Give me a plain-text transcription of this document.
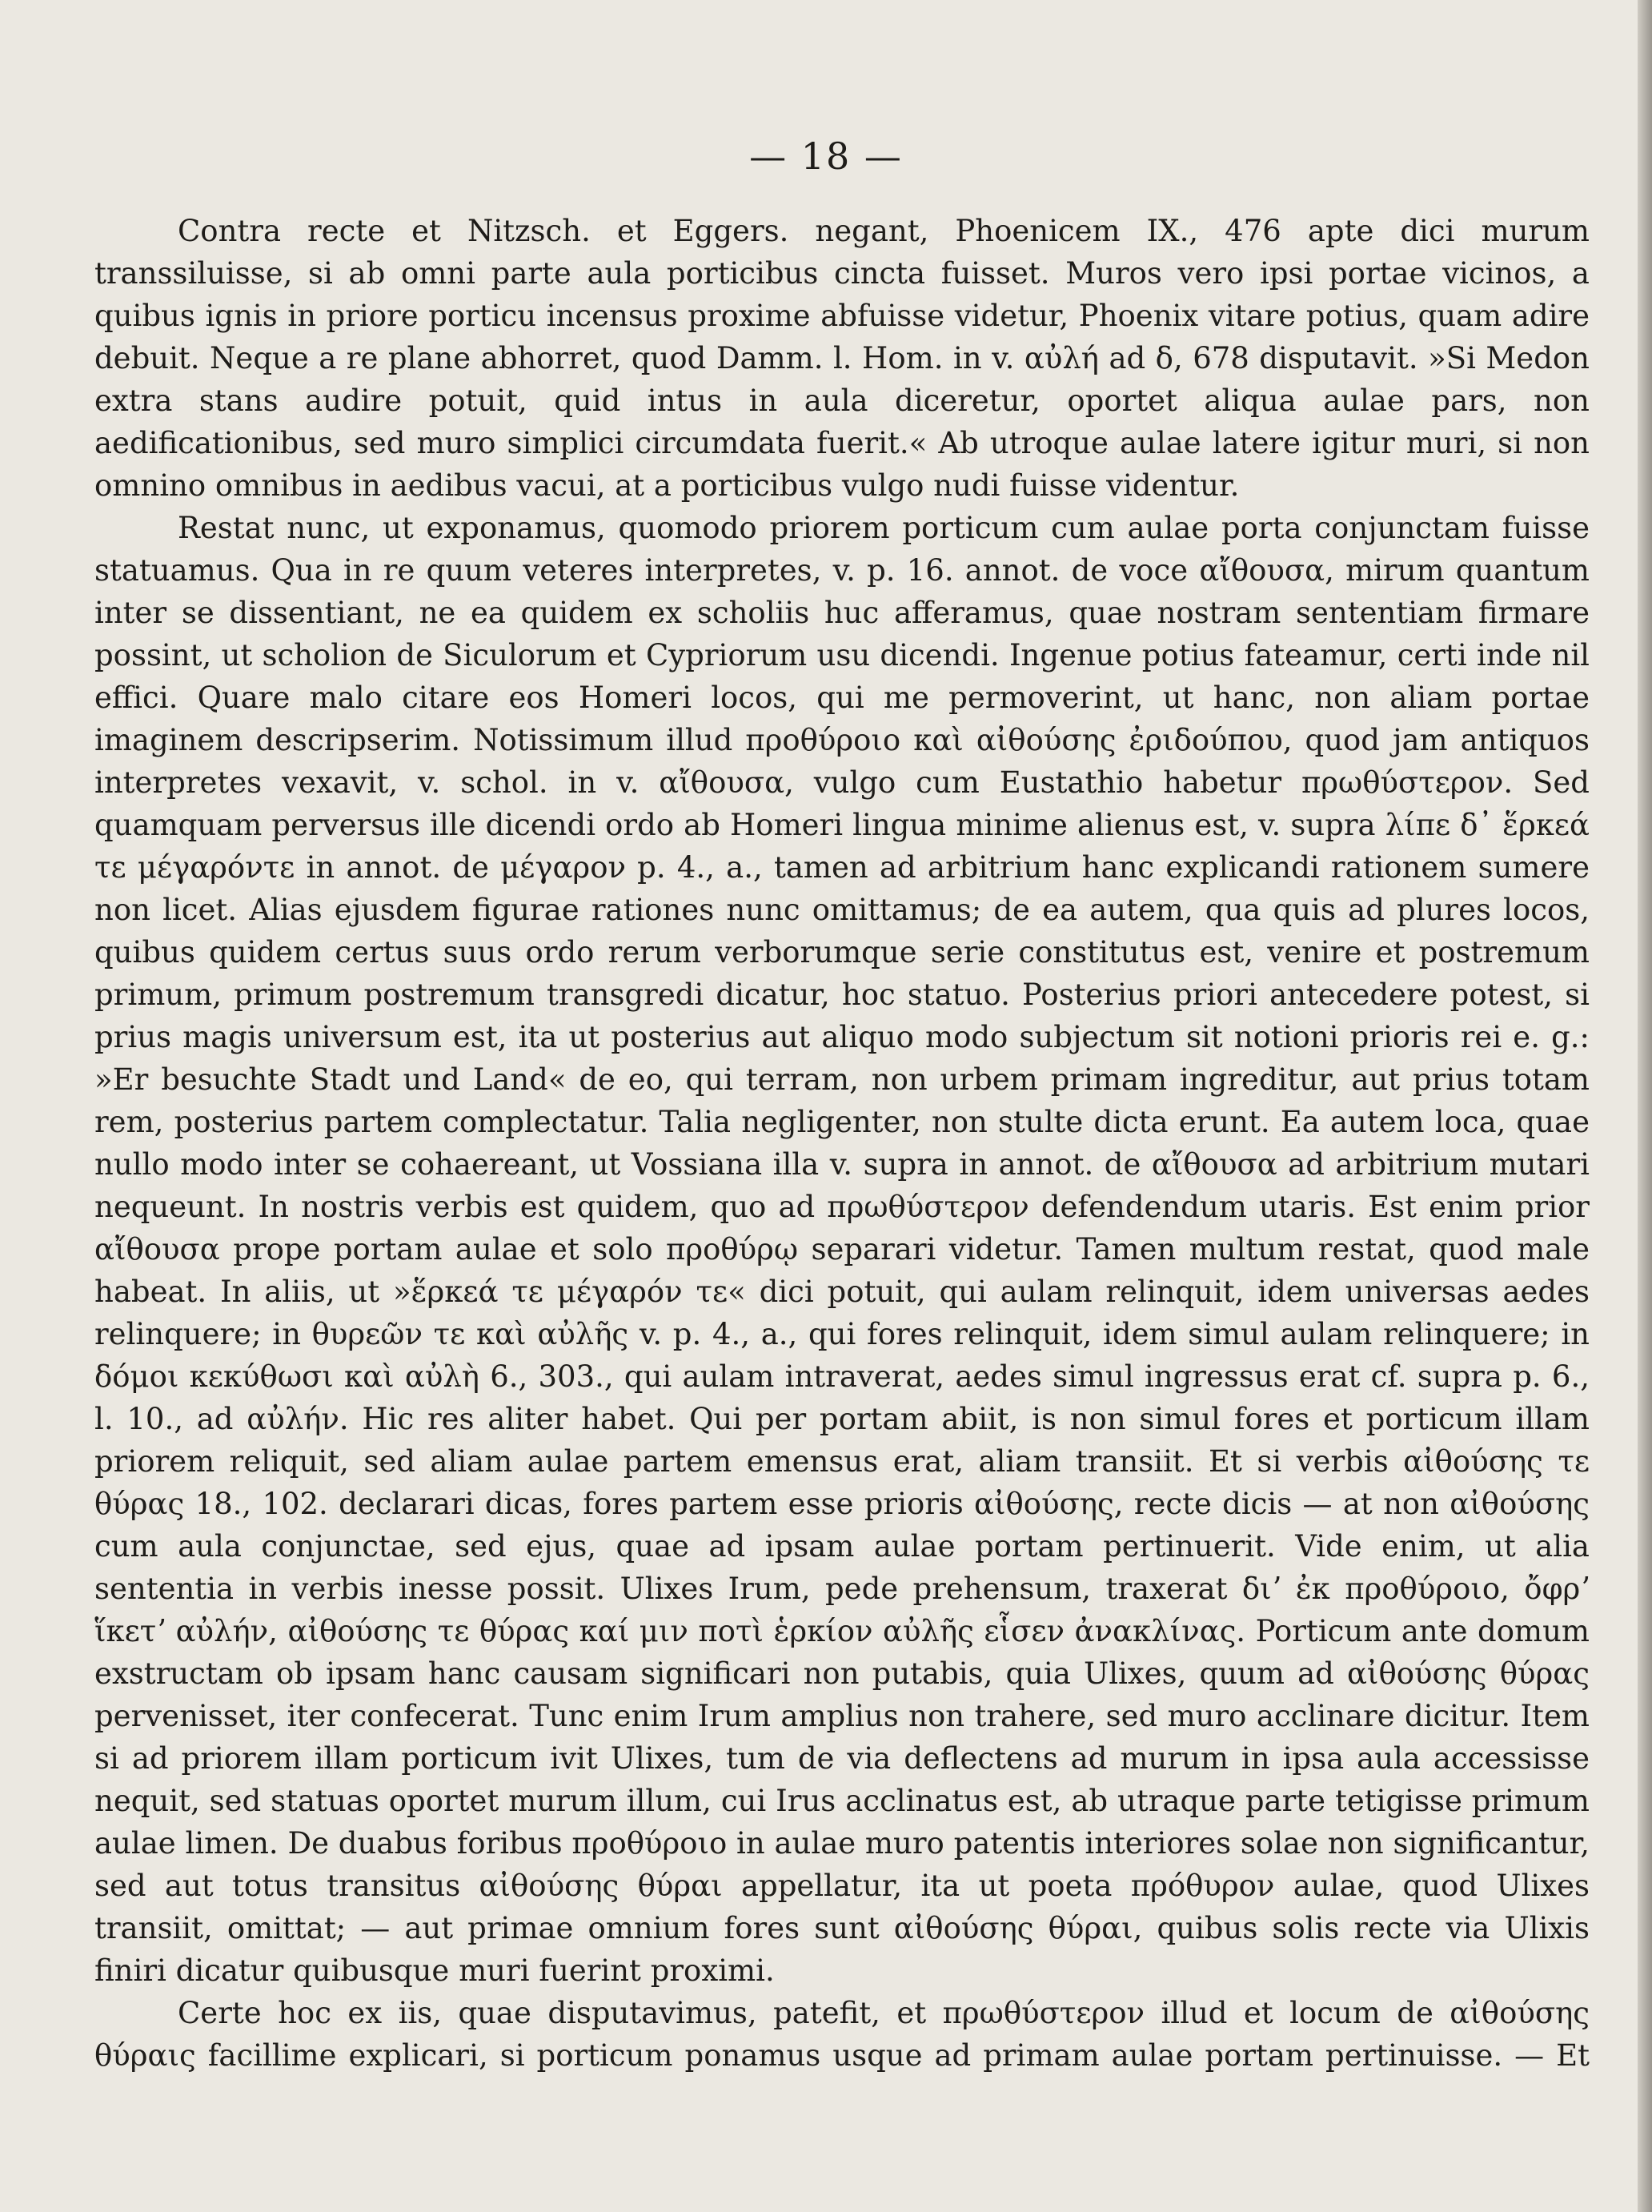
— 18 —

Contra recte et Nitzsch. et Eggers. negant, Phoenicem IX., 476 apte dici murum transsiluisse, si ab omni parte aula porticibus cincta fuisset. Muros vero ipsi portae vicinos, a quibus ignis in priore porticu incensus proxime abfuisse videtur, Phoenix vitare potius, quam adire debuit. Neque a re plane abhorret, quod Damm. l. Hom. in v. αὐλή ad δ, 678 disputavit. »Si Medon extra stans audire potuit, quid intus in aula diceretur, oportet aliqua aulae pars, non aedificationibus, sed muro simplici circumdata fuerit.« Ab utroque aulae latere igitur muri, si non omnino omnibus in aedibus vacui, at a porticibus vulgo nudi fuisse videntur.

Restat nunc, ut exponamus, quomodo priorem porticum cum aulae porta conjunctam fuisse statuamus. Qua in re quum veteres interpretes, v. p. 16. annot. de voce αἴθουσα, mirum quantum inter se dissentiant, ne ea quidem ex scholiis huc afferamus, quae nostram sententiam firmare possint, ut scholion de Siculorum et Cypriorum usu dicendi. Ingenue potius fateamur, certi inde nil effici. Quare malo citare eos Homeri locos, qui me permoverint, ut hanc, non aliam portae imaginem descripserim. Notissimum illud προθύροιο καὶ αἰθούσης ἐριδούπου, quod jam antiquos interpretes vexavit, v. schol. in v. αἴθουσα, vulgo cum Eustathio habetur πρωθύστερον. Sed quamquam perversus ille dicendi ordo ab Homeri lingua minime alienus est, v. supra λίπε δ᾽ ἕρκεά τε μέγαρόντε in annot. de μέγαρον p. 4., a., tamen ad arbitrium hanc explicandi rationem sumere non licet. Alias ejusdem figurae rationes nunc omittamus; de ea autem, qua quis ad plures locos, quibus quidem certus suus ordo rerum verborumque serie constitutus est, venire et postremum primum, primum postremum transgredi dicatur, hoc statuo. Posterius priori antecedere potest, si prius magis universum est, ita ut posterius aut aliquo modo subjectum sit notioni prioris rei e. g.: »Er besuchte Stadt und Land« de eo, qui terram, non urbem primam ingreditur, aut prius totam rem, posterius partem complectatur. Talia negligenter, non stulte dicta erunt. Ea autem loca, quae nullo modo inter se cohaereant, ut Vossiana illa v. supra in annot. de αἴθουσα ad arbitrium mutari nequeunt. In nostris verbis est quidem, quo ad πρωθύστερον defendendum utaris. Est enim prior αἴθουσα prope portam aulae et solo προθύρῳ separari videtur. Tamen multum restat, quod male habeat. In aliis, ut »ἕρκεά τε μέγαρόν τε« dici potuit, qui aulam relinquit, idem universas aedes relinquere; in θυρεῶν τε καὶ αὐλῆς v. p. 4., a., qui fores relinquit, idem simul aulam relinquere; in δόμοι κεκύθωσι καὶ αὐλὴ 6., 303., qui aulam intraverat, aedes simul ingressus erat cf. supra p. 6., l. 10., ad αὐλήν. Hic res aliter habet. Qui per portam abiit, is non simul fores et porticum illam priorem reliquit, sed aliam aulae partem emensus erat, aliam transiit. Et si verbis αἰθούσης τε θύρας 18., 102. declarari dicas, fores partem esse prioris αἰθούσης, recte dicis — at non αἰθούσης cum aula conjunctae, sed ejus, quae ad ipsam aulae portam pertinuerit. Vide enim, ut alia sententia in verbis inesse possit. Ulixes Irum, pede prehensum, traxerat διʼ ἐκ προθύροιο, ὄφρʼ ἵκετʼ αὐλήν, αἰθούσης τε θύρας καί μιν ποτὶ ἑρκίον αὐλῆς εἷσεν ἀνακλίνας. Porticum ante domum exstructam ob ipsam hanc causam significari non putabis, quia Ulixes, quum ad αἰθούσης θύρας pervenisset, iter confecerat. Tunc enim Irum amplius non trahere, sed muro acclinare dicitur. Item si ad priorem illam porticum ivit Ulixes, tum de via deflectens ad murum in ipsa aula accessisse nequit, sed statuas oportet murum illum, cui Irus acclinatus est, ab utraque parte tetigisse primum aulae limen. De duabus foribus προθύροιο in aulae muro patentis interiores solae non significantur, sed aut totus transitus αἰθούσης θύραι appellatur, ita ut poeta πρόθυρον aulae, quod Ulixes transiit, omittat; — aut primae omnium fores sunt αἰθούσης θύραι, quibus solis recte via Ulixis finiri dicatur quibusque muri fuerint proximi.

Certe hoc ex iis, quae disputavimus, patefit, et πρωθύστερον illud et locum de αἰθούσης θύραις facillime explicari, si porticum ponamus usque ad primam aulae portam pertinuisse. — Et
